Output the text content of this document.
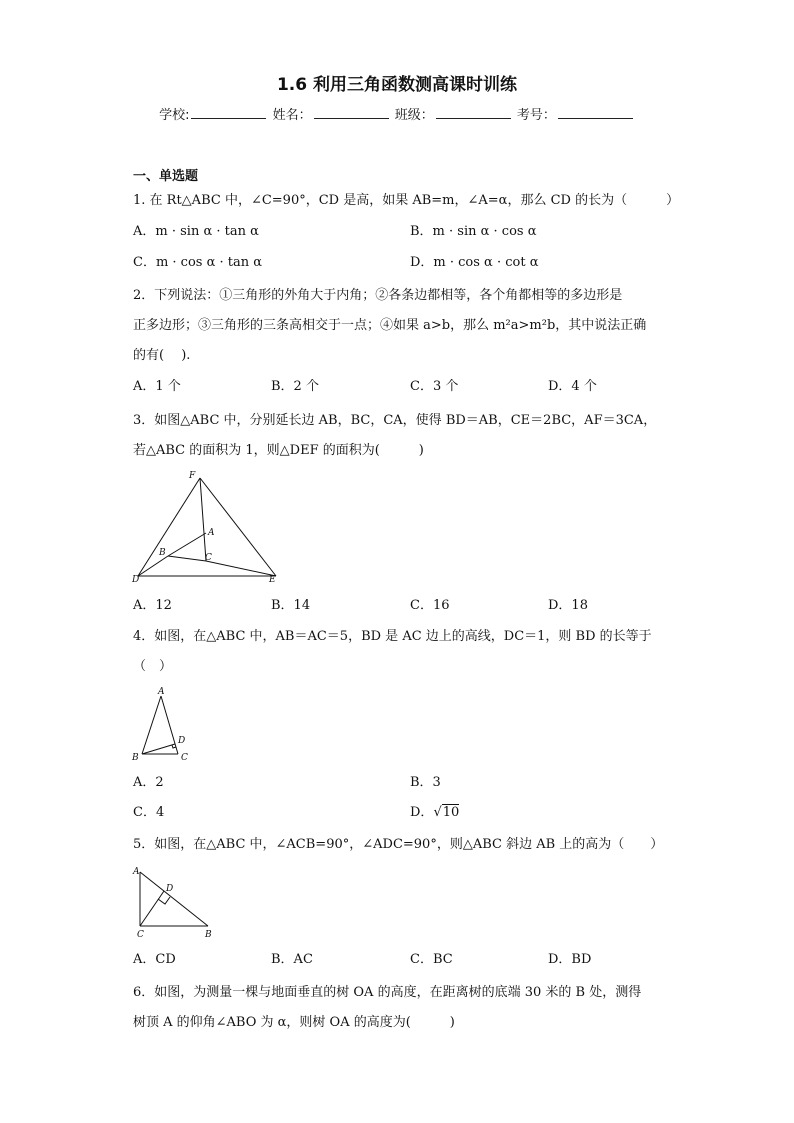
1.6 利用三角函数测高课时训练
学校:	姓名：	班级：	考号：
一、单选题
1. 在 Rt△ABC 中，∠C=90°，CD 是高，如果 AB=m，∠A=α，那么 CD 的长为（　　　）
A．m · sin α · tan α	B．m · sin α · cos α
C．m · cos α · tan α	D．m · cos α · cot α
2．下列说法：①三角形的外角大于内角；②各条边都相等，各个角都相等的多边形是
正多边形；③三角形的三条高相交于一点；④如果 a>b，那么 m²a>m²b，其中说法正确
的有(　 ).
A．1 个	B．2 个	C．3 个	D．4 个
3．如图△ABC 中，分别延长边 AB，BC，CA，使得 BD＝AB，CE＝2BC，AF＝3CA，
若△ABC 的面积为 1，则△DEF 的面积为(　　　)
F
A
B	C
D	E
A．12	B．14	C．16	D．18
4．如图，在△ABC 中，AB＝AC＝5，BD 是 AC 边上的高线，DC＝1，则 BD 的长等于
（　）
A
D
B	C
A．2	B．3
C．4	D．√10
5．如图，在△ABC 中，∠ACB=90°，∠ADC=90°，则△ABC 斜边 AB 上的高为（　　）
A
D
C	B
A．CD	B．AC	C．BC	D．BD
6．如图，为测量一棵与地面垂直的树 OA 的高度，在距离树的底端 30 米的 B 处，测得
树顶 A 的仰角∠ABO 为 α，则树 OA 的高度为(　　　)
